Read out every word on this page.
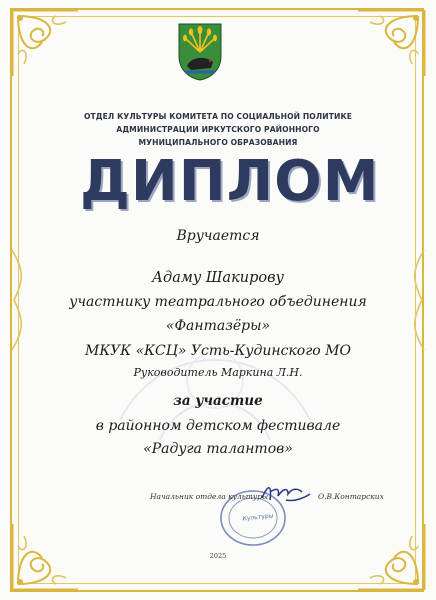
ОТДЕЛ КУЛЬТУРЫ КОМИТЕТА ПО СОЦИАЛЬНОЙ ПОЛИТИКЕ
АДМИНИСТРАЦИИ ИРКУТСКОГО РАЙОННОГО
МУНИЦИПАЛЬНОГО ОБРАЗОВАНИЯ
ДИПЛОМ
Вручается
Адаму Шакирову
участнику театрального объединения
«Фантазёры»
МКУК «КСЦ» Усть-Кудинского МО
Руководитель Маркина Л.Н.
за участие
в районном детском фестивале
«Радуга талантов»
Культуры
Начальник отдела культуры	О.В.Контарских
2025
